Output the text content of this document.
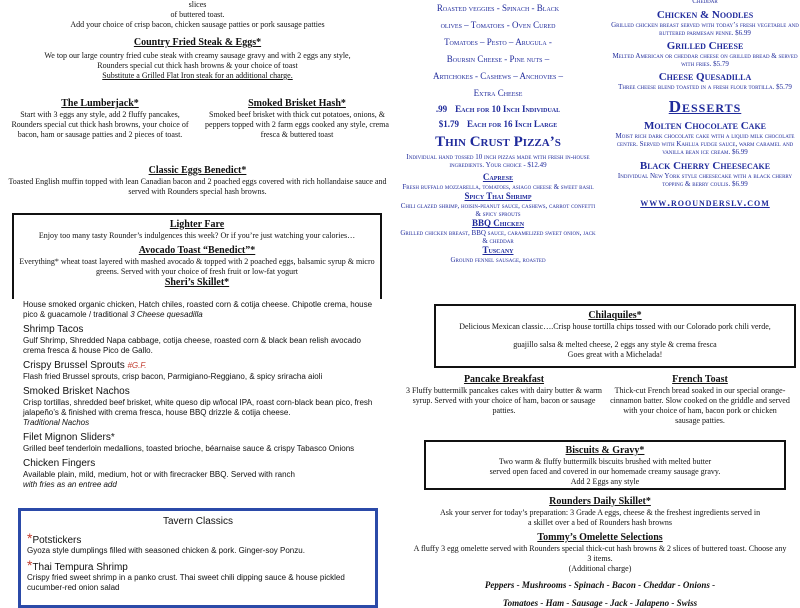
slices
of buttered toast.
Add your choice of crisp bacon, chicken sausage patties or pork sausage patties
Country Fried Steak & Eggs*
We top our large country fried cube steak with creamy sausage gravy and with 2 eggs any style,
Rounders special cut thick hash browns & your choice of toast
Substitute a Grilled Flat Iron steak for an additional charge.
The Lumberjack*
Start with 3 eggs any style, add 2 fluffy pancakes, Rounders special cut thick hash browns, your choice of bacon, ham or sausage patties and 2 pieces of toast.
Smoked Brisket Hash*
Smoked beef brisket with thick cut potatoes, onions, & peppers topped with 2 farm eggs cooked any style, crema fresca & buttered toast
Classic Eggs Benedict*
Toasted English muffin topped with lean Canadian bacon and 2 poached eggs covered with rich hollandaise sauce and served with Rounders special hash browns.
Lighter Fare
Enjoy too many tasty Rounder’s indulgences this week? Or if you’re just watching your calories…
Avocado Toast “Benedict”*
Everything* wheat toast layered with mashed avocado & topped with 2 poached eggs, balsamic syrup & micro greens. Served with your choice of fresh fruit or low-fat yogurt
Sheri’s Skillet*
House smoked organic chicken, Hatch chiles, roasted corn & cotija cheese. Chipotle crema, house pico & guacamole / traditional 3 Cheese quesadilla
Shrimp Tacos
Gulf Shrimp, Shredded Napa cabbage, cotija cheese, roasted corn & black bean relish avocado crema fresca & house Pico de Gallo.
Crispy Brussel Sprouts #G.F.
Flash fried Brussel sprouts, crisp bacon, Parmigiano-Reggiano, & spicy sriracha aioli
Smoked Brisket Nachos
Crisp tortillas, shredded beef brisket, white queso dip w/local IPA, roast corn-black bean pico, fresh jalapeño’s & finished with crema fresca, house BBQ drizzle & cotija cheese.
Traditional Nachos
Filet Mignon Sliders*
Grilled beef tenderloin medallions, toasted brioche, béarnaise sauce & crispy Tabasco Onions
Chicken Fingers
Available plain, mild, medium, hot or with firecracker BBQ. Served with ranch
with fries as an entree add
Tavern Classics
*Potstickers
Gyoza style dumplings filled with seasoned chicken & pork. Ginger-soy Ponzu.
*Thai Tempura Shrimp
Crispy fried sweet shrimp in a panko crust. Thai sweet chili dipping sauce & house pickled cucumber-red onion salad
Roasted veggies - Spinach - Black
olives – Tomatoes - Oven Cured
Tomatoes – Pesto – Arugula -
Boursin Cheese - Pine nuts –
Artichokes - Cashews – Anchovies –
Extra Cheese
.99 Each for 10 Inch Individual
$1.79 Each for 16 Inch Large
Thin Crust Pizza’s
Individual hand tossed 10 inch pizzas made with fresh in-house ingredients. Your choice - $12.49
Caprese
Fresh buffalo mozzarella, tomatoes, asiago cheese & sweet basil
Spicy Thai Shrimp
Chili glazed shrimp, hoisin-peanut sauce, cashews, carrot confetti & spicy sprouts
BBQ Chicken
Grilled chicken breast, BBQ sauce, caramelized sweet onion, jack & cheddar
Tuscany
Ground fennel sausage, roasted
Cheddar
Chicken & Noodles
Grilled chicken breast served with today’s fresh vegetable and buttered parmesan penne. $6.99
Grilled Cheese
Melted American or cheddar cheese on grilled bread & served with fries. $5.79
Cheese Quesadilla
Three cheese blend toasted in a fresh flour tortilla. $5.79
Desserts
Molten Chocolate Cake
Moist rich dark chocolate cake with a liquid milk chocolate center. Served with Kahlua fudge sauce, warm caramel and vanilla bean ice cream. $6.99
Black Cherry Cheesecake
Individual New York style cheesecake with a black cherry topping & berry coulis. $6.99
www.roounderslv.com
Chilaquiles*
Delicious Mexican classic….Crisp house tortilla chips tossed with our Colorado pork chili verde,
guajillo salsa & melted cheese, 2 eggs any style & crema fresca
Goes great with a Michelada!
Pancake Breakfast
3 Fluffy buttermilk pancakes cakes with dairy butter & warm syrup. Served with your choice of ham, bacon or sausage patties.
French Toast
Thick-cut French bread soaked in our special orange-cinnamon batter. Slow cooked on the griddle and served with your choice of ham, bacon pork or chicken sausage patties.
Biscuits & Gravy*
Two warm & fluffy buttermilk biscuits brushed with melted butter
served open faced and covered in our homemade creamy sausage gravy.
Add 2 Eggs any style
Rounders Daily Skillet*
Ask your server for today’s preparation: 3 Grade A eggs, cheese & the freshest ingredients served in
a skillet over a bed of Rounders hash browns
Tommy’s Omelette Selections
A fluffy 3 egg omelette served with Rounders special thick-cut hash browns & 2 slices of buttered toast. Choose any
3 items.
(Additional charge)
Peppers - Mushrooms - Spinach - Bacon - Cheddar - Onions -
Tomatoes - Ham - Sausage - Jack - Jalapeno - Swiss
